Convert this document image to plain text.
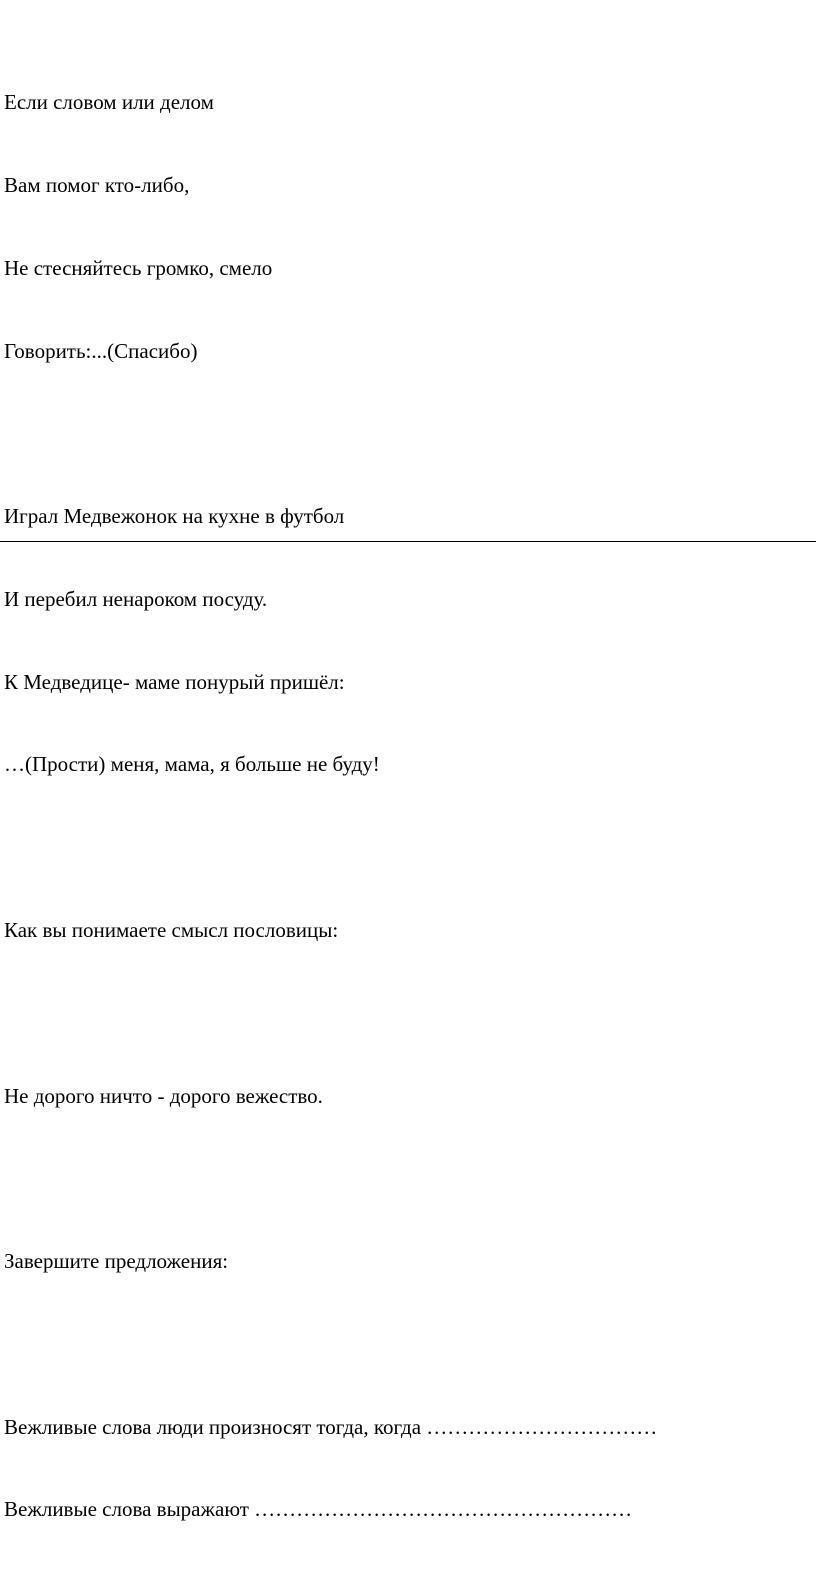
Если словом или делом

Вам помог кто-либо,

Не стесняйтесь громко, смело

Говорить:...(Спасибо)

Играл Медвежонок на кухне в футбол

И перебил ненароком посуду.

К Медведице- маме понурый пришёл:

…(Прости) меня, мама, я больше не буду!

Как вы понимаете смысл пословицы:

Не дорого ничто - дорого вежество.

Завершите предложения:

Вежливые слова люди произносят тогда, когда ……………………………

Вежливые слова выражают ………………………………………………
